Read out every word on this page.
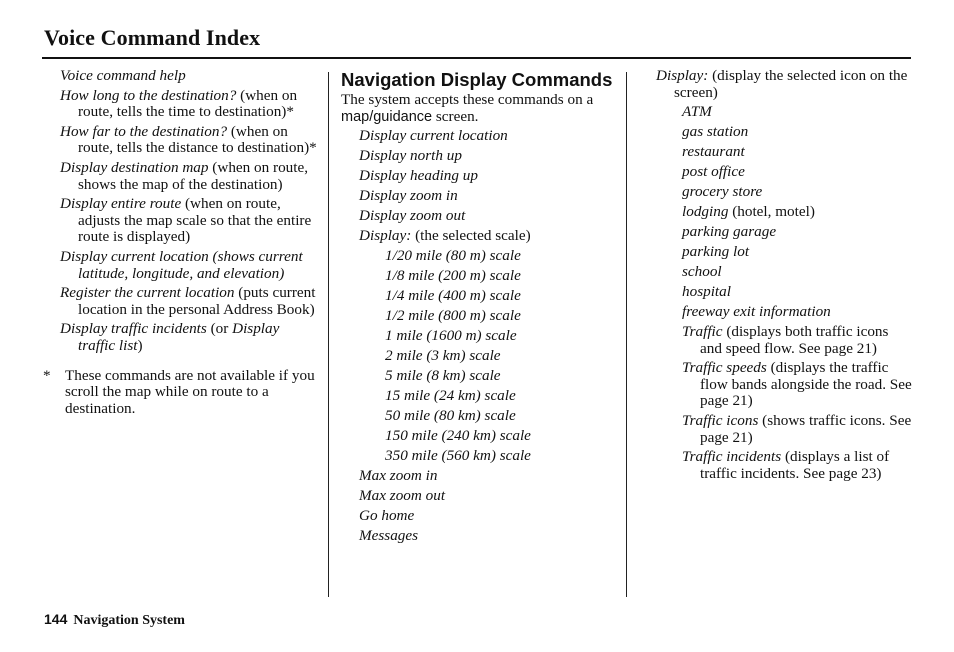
Voice Command Index
Voice command help
How long to the destination? (when on route, tells the time to destination)*
How far to the destination? (when on route, tells the distance to destination)*
Display destination map (when on route, shows the map of the destination)
Display entire route (when on route, adjusts the map scale so that the entire route is displayed)
Display current location (shows current latitude, longitude, and elevation)
Register the current location (puts current location in the personal Address Book)
Display traffic incidents (or Display traffic list)
* These commands are not available if you scroll the map while on route to a destination.
Navigation Display Commands
The system accepts these commands on a map/guidance screen.
Display current location
Display north up
Display heading up
Display zoom in
Display zoom out
Display: (the selected scale)
1/20 mile (80 m) scale
1/8 mile (200 m) scale
1/4 mile (400 m) scale
1/2 mile (800 m) scale
1 mile (1600 m) scale
2 mile (3 km) scale
5 mile (8 km) scale
15 mile (24 km) scale
50 mile (80 km) scale
150 mile (240 km) scale
350 mile (560 km) scale
Max zoom in
Max zoom out
Go home
Messages
Display: (display the selected icon on the screen)
ATM
gas station
restaurant
post office
grocery store
lodging (hotel, motel)
parking garage
parking lot
school
hospital
freeway exit information
Traffic (displays both traffic icons and speed flow. See page 21)
Traffic speeds (displays the traffic flow bands alongside the road. See page 21)
Traffic icons (shows traffic icons. See page 21)
Traffic incidents (displays a list of traffic incidents. See page 23)
144 Navigation System
